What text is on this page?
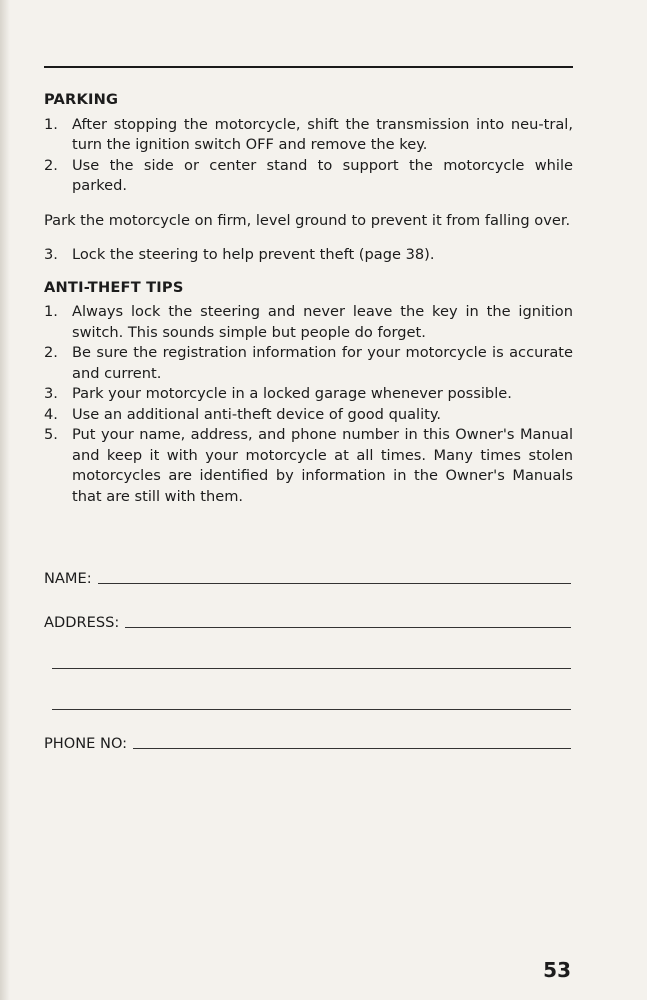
PARKING
1. After stopping the motorcycle, shift the transmission into neu-tral, turn the ignition switch OFF and remove the key.
2. Use the side or center stand to support the motorcycle while parked.

Park the motorcycle on firm, level ground to prevent it from falling over.

3. Lock the steering to help prevent theft (page 38).
ANTI-THEFT TIPS
1. Always lock the steering and never leave the key in the ignition switch. This sounds simple but people do forget.
2. Be sure the registration information for your motorcycle is accurate and current.
3. Park your motorcycle in a locked garage whenever possible.
4. Use an additional anti-theft device of good quality.
5. Put your name, address, and phone number in this Owner's Manual and keep it with your motorcycle at all times. Many times stolen motorcycles are identified by information in the Owner's Manuals that are still with them.
NAME:
ADDRESS:
PHONE NO:
53
